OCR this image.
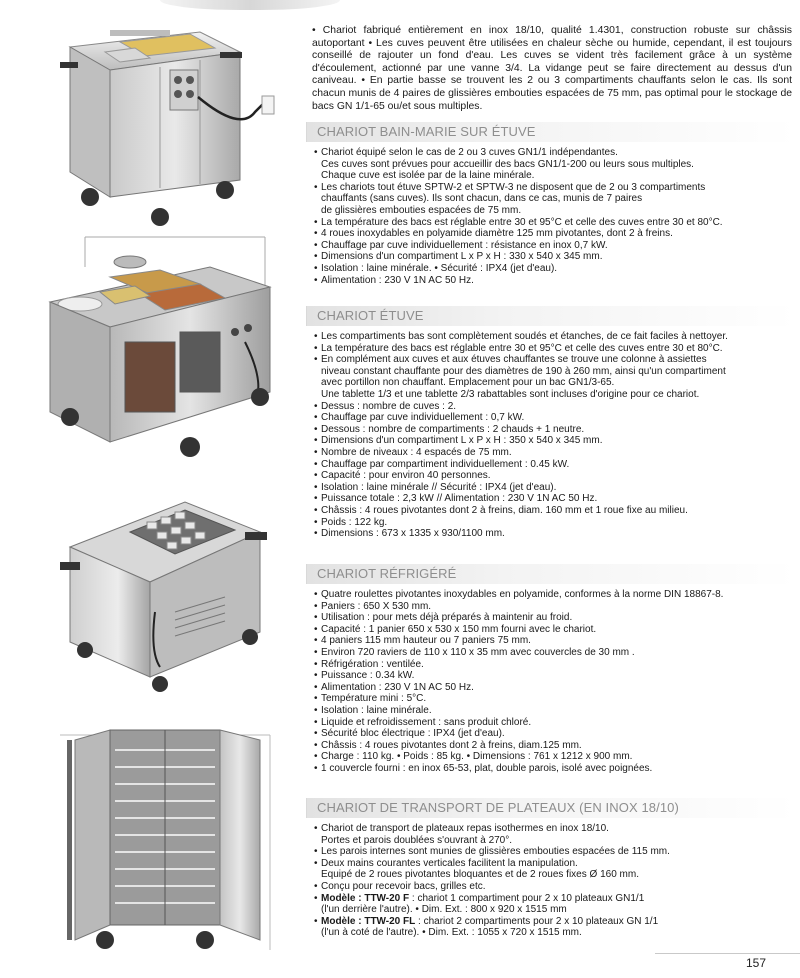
• Chariot fabriqué entièrement en inox 18/10, qualité 1.4301, construction robuste sur châssis autoportant • Les cuves peuvent être utilisées en chaleur sèche ou humide, cependant, il est toujours conseillé de rajouter un fond d'eau. Les cuves se vident très facilement grâce à un système d'écoulement, actionné par une vanne 3/4. La vidange peut se faire directement au dessus d'un caniveau. • En partie basse se trouvent les 2 ou 3 compartiments chauffants selon le cas. Ils sont chacun munis de 4 paires de glissières embouties espacées de 75 mm, pas optimal pour le stockage de bacs GN 1/1-65 ou/et sous multiples.
CHARIOT BAIN-MARIE SUR ÉTUVE
• Chariot équipé selon le cas de 2 ou 3 cuves GN1/1 indépendantes.
Ces cuves sont prévues pour accueillir des bacs GN1/1-200 ou leurs sous multiples.
Chaque cuve est isolée par de la laine minérale.
• Les chariots tout étuve SPTW-2 et SPTW-3 ne disposent que de 2 ou 3 compartiments
chauffants (sans cuves). Ils sont chacun, dans ce cas, munis de 7 paires
de glissières embouties espacées de 75 mm.
• La température des bacs est réglable entre 30 et 95°C et celle des cuves entre 30 et 80°C.
• 4 roues inoxydables en polyamide diamètre 125 mm pivotantes, dont 2 à freins.
• Chauffage par cuve individuellement : résistance en inox 0,7 kW.
• Dimensions d'un compartiment L x P x H : 330 x 540 x 345 mm.
• Isolation : laine minérale. • Sécurité : IPX4 (jet d'eau).
• Alimentation : 230 V 1N AC 50 Hz.
CHARIOT ÉTUVE
• Les compartiments bas sont complètement soudés et étanches, de ce fait faciles à nettoyer.
• La température des bacs est réglable entre 30 et 95°C et celle des cuves entre 30 et 80°C.
• En complément aux cuves et aux étuves chauffantes se trouve une colonne à assiettes
niveau constant chauffante pour des diamètres de 190 à 260 mm, ainsi qu'un compartiment
avec portillon non chauffant. Emplacement pour un bac GN1/3-65.
Une tablette 1/3 et une tablette 2/3 rabattables sont incluses d'origine pour ce chariot.
• Dessus : nombre de cuves : 2.
• Chauffage par cuve individuellement : 0,7 kW.
• Dessous : nombre de compartiments : 2 chauds + 1 neutre.
• Dimensions d'un compartiment L x P x H : 350 x 540 x 345 mm.
• Nombre de niveaux : 4 espacés de 75 mm.
• Chauffage par compartiment individuellement : 0.45 kW.
• Capacité : pour environ 40 personnes.
• Isolation : laine minérale // Sécurité : IPX4 (jet d'eau).
• Puissance totale : 2,3 kW // Alimentation : 230 V 1N AC 50 Hz.
• Châssis : 4 roues pivotantes dont 2 à freins, diam. 160 mm et 1 roue fixe au milieu.
• Poids : 122 kg.
• Dimensions : 673 x 1335 x 930/1100 mm.
CHARIOT RÉFRIGÉRÉ
• Quatre roulettes pivotantes inoxydables en polyamide, conformes à la norme DIN 18867-8.
• Paniers : 650 X 530 mm.
• Utilisation : pour mets déjà préparés à maintenir au froid.
• Capacité : 1 panier 650 x 530 x 150 mm fourni avec le chariot.
• 4 paniers 115 mm hauteur ou 7 paniers 75 mm.
• Environ 720 raviers de 110 x 110 x 35 mm avec couvercles de 30 mm .
• Réfrigération : ventilée.
• Puissance : 0.34 kW.
• Alimentation : 230 V 1N AC 50 Hz.
• Température mini : 5°C.
• Isolation : laine minérale.
• Liquide et refroidissement : sans produit chloré.
• Sécurité bloc électrique : IPX4 (jet d'eau).
• Châssis : 4 roues pivotantes dont 2 à freins, diam.125 mm.
• Charge : 110 kg. • Poids : 85 kg. • Dimensions : 761 x 1212 x 900 mm.
• 1 couvercle fourni : en inox 65-53, plat, double parois, isolé avec poignées.
CHARIOT DE TRANSPORT DE PLATEAUX (EN INOX 18/10)
• Chariot de transport de plateaux repas isothermes en inox 18/10.
Portes et parois doublées s'ouvrant à 270°.
• Les parois internes sont munies de glissières embouties espacées de 115 mm.
• Deux mains courantes verticales facilitent la manipulation.
Equipé de 2 roues pivotantes bloquantes et de 2 roues fixes Ø 160 mm.
• Conçu pour recevoir bacs, grilles etc.
• Modèle : TTW-20 F : chariot 1 compartiment pour 2 x 10 plateaux GN1/1
(l'un derrière l'autre). • Dim. Ext. : 800 x 920 x 1515 mm
• Modèle : TTW-20 FL : chariot 2 compartiments pour 2 x 10 plateaux GN 1/1
(l'un à coté de l'autre). • Dim. Ext. : 1055 x 720 x 1515 mm.
157
